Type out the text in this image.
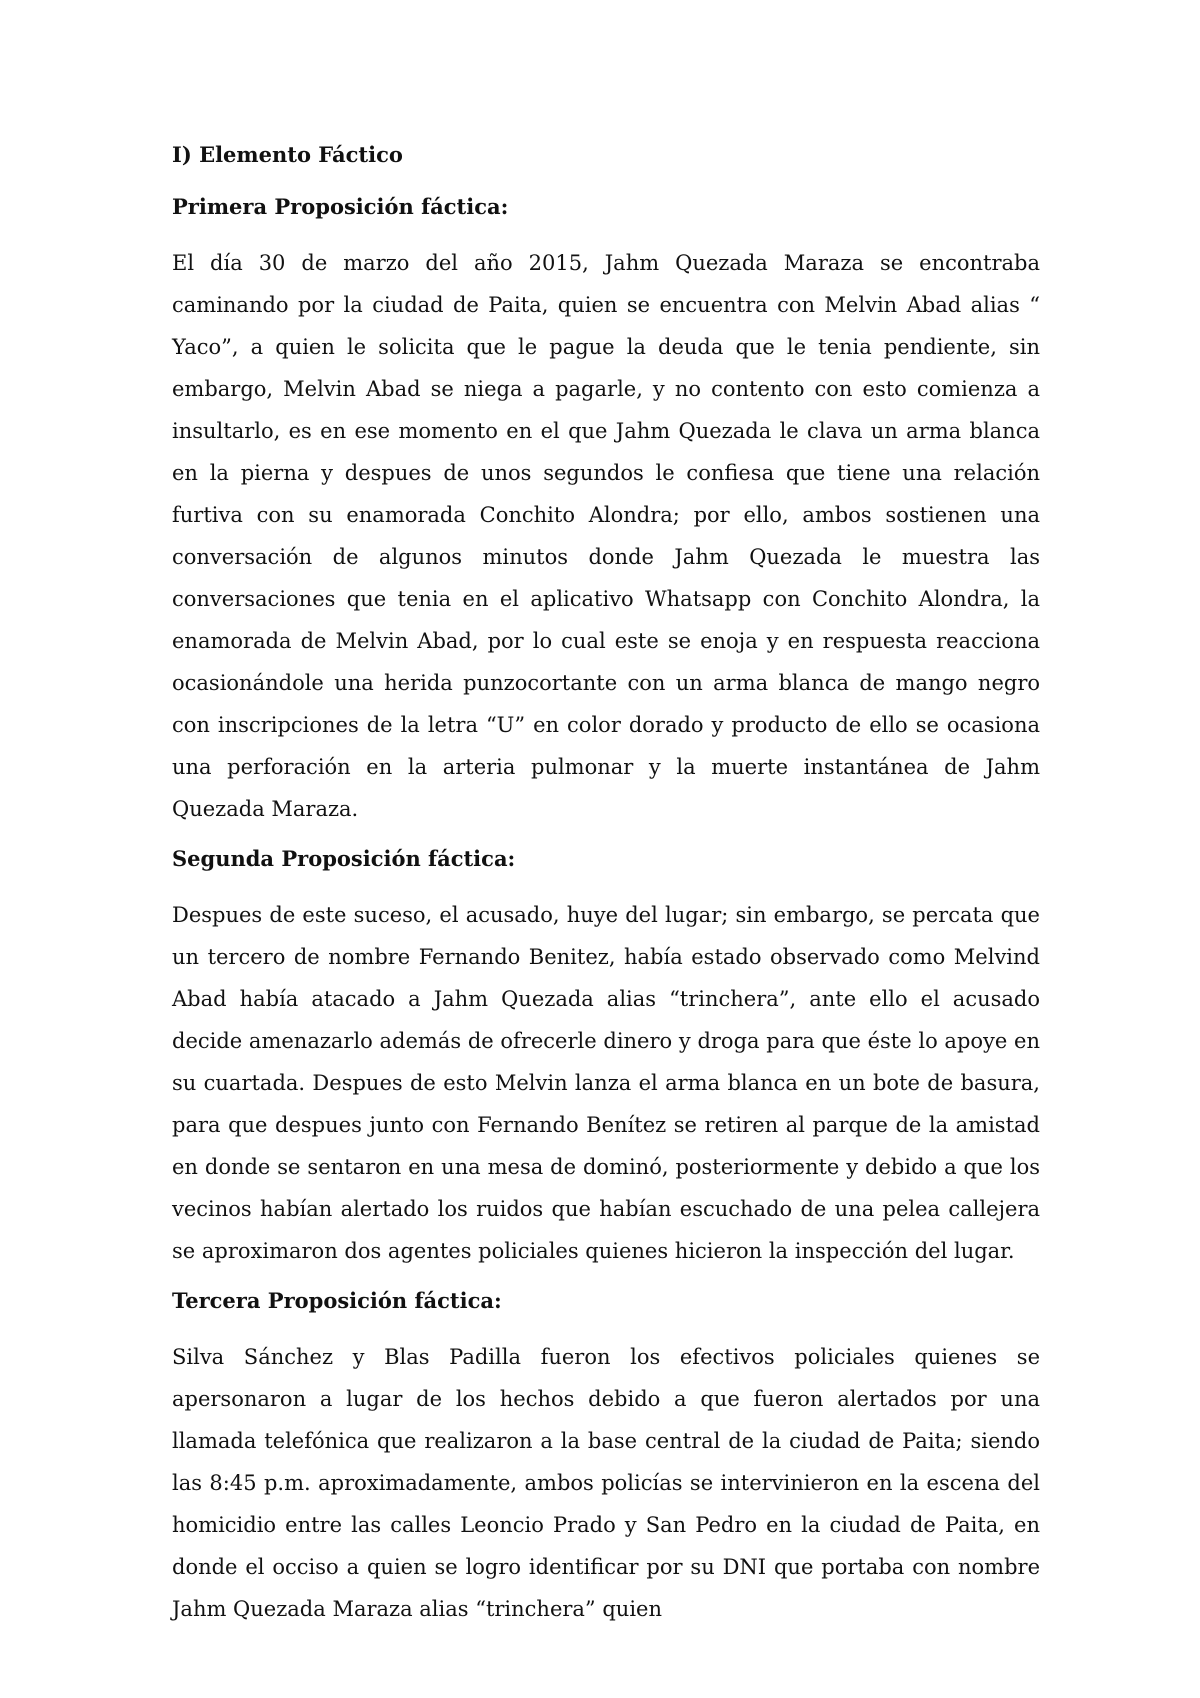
I) Elemento Fáctico

Primera Proposición fáctica:

El día 30 de marzo del año 2015, Jahm Quezada Maraza se encontraba caminando por la ciudad de Paita, quien se encuentra con Melvin Abad alias “ Yaco”, a quien le solicita que le pague la deuda que le tenia pendiente, sin embargo, Melvin Abad se niega a pagarle, y no contento con esto comienza a insultarlo, es en ese momento en el que Jahm Quezada le clava un arma blanca en la pierna y despues de unos segundos le confiesa que tiene una relación furtiva con su enamorada Conchito Alondra; por ello, ambos sostienen una conversación de algunos minutos donde Jahm Quezada le muestra las conversaciones que tenia en el aplicativo Whatsapp con Conchito Alondra, la enamorada de Melvin Abad, por lo cual este se enoja y en respuesta reacciona ocasionándole una herida punzocortante con un arma blanca de mango negro con inscripciones de la letra “U” en color dorado y producto de ello se ocasiona una perforación en la arteria pulmonar y la muerte instantánea de Jahm Quezada Maraza.

Segunda Proposición fáctica:

Despues de este suceso, el acusado, huye del lugar; sin embargo, se percata que un tercero de nombre Fernando Benitez, había estado observado como Melvind Abad había atacado a Jahm Quezada alias “trinchera”, ante ello el acusado decide amenazarlo además de ofrecerle dinero y droga para que éste lo apoye en su cuartada. Despues de esto Melvin lanza el arma blanca en un bote de basura, para que despues junto con Fernando Benítez se retiren al parque de la amistad en donde se sentaron en una mesa de dominó, posteriormente y debido a que los vecinos habían alertado los ruidos que habían escuchado de una pelea callejera se aproximaron dos agentes policiales quienes hicieron la inspección del lugar.

Tercera Proposición fáctica:

Silva Sánchez y Blas Padilla fueron los efectivos policiales quienes se apersonaron a lugar de los hechos debido a que fueron alertados por una llamada telefónica que realizaron a la base central de la ciudad de Paita; siendo las 8:45 p.m. aproximadamente, ambos policías se intervinieron en la escena del homicidio entre las calles Leoncio Prado y San Pedro en la ciudad de Paita, en donde el occiso a quien se logro identificar por su DNI que portaba con nombre Jahm Quezada Maraza alias “trinchera” quien
